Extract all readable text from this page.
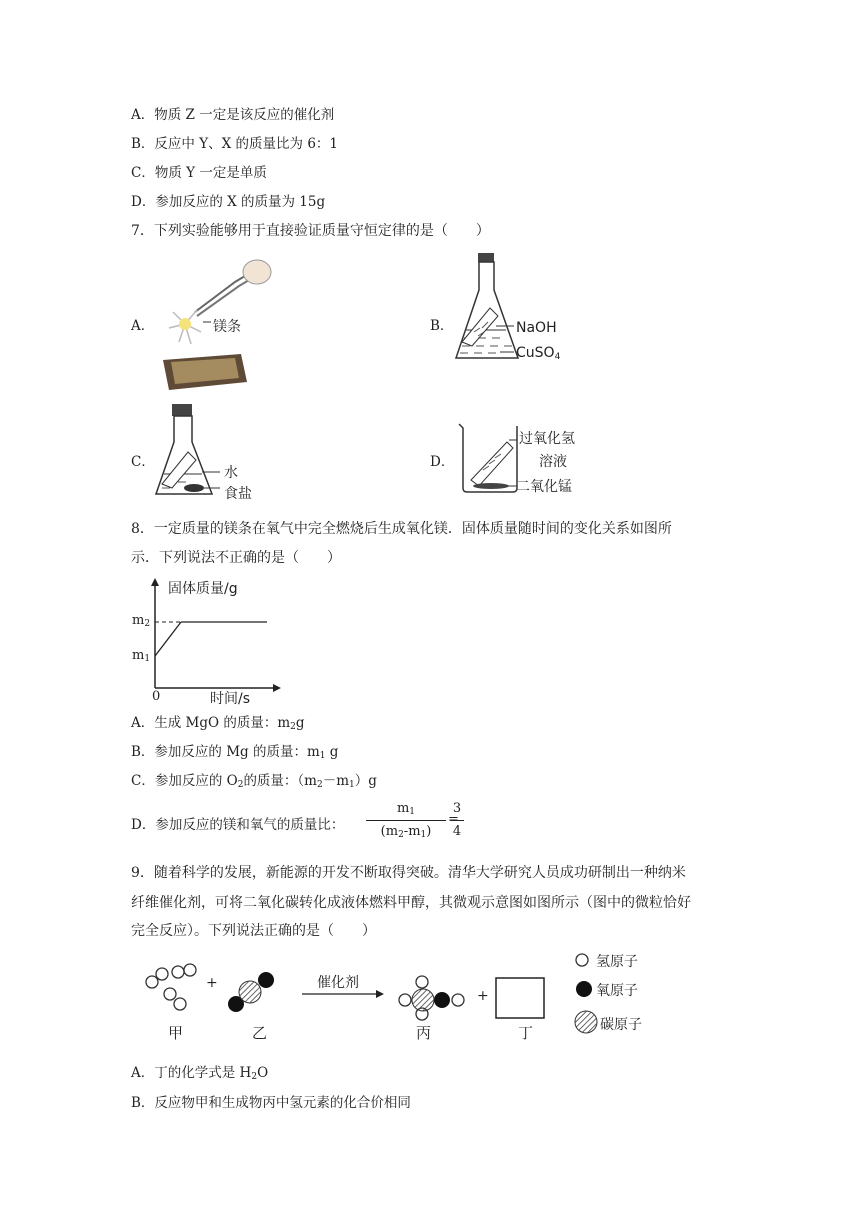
A．物质 Z 一定是该反应的催化剂
B．反应中 Y、X 的质量比为 6：1
C．物质 Y 一定是单质
D．参加反应的 X 的质量为 15g
7．下列实验能够用于直接验证质量守恒定律的是（　　）
A．	镁条	B．	NaOH
CuSO$_4$
C．
水
食盐
D．
过氧化氢
溶液
二氧化锰
8．一定质量的镁条在氧气中完全燃烧后生成氧化镁．固体质量随时间的变化关系如图所
示．下列说法不正确的是（　　）
固体质量/g
时间/s
0
$m_2$
$m_1$
A．生成 MgO 的质量：$m_2g$
B．参加反应的 Mg 的质量：$m_1$ g
C．参加反应的 $O_2$的质量：$(m_2-m_1)g$
D．参加反应的镁和氧气的质量比：
$m_1$
$(m_2-m_1)$
=
3
4
9．随着科学的发展，新能源的开发不断取得突破。清华大学研究人员成功研制出一种纳米
纤维催化剂，可将二氧化碳转化成液体燃料甲醇，其微观示意图如图所示（图中的微粒恰好
完全反应）。下列说法正确的是（　　）
+	催化剂
+
甲	乙	丙	丁
氢原子
氧原子
碳原子
A．丁的化学式是 $H_2O$
B．反应物甲和生成物丙中氢元素的化合价相同
